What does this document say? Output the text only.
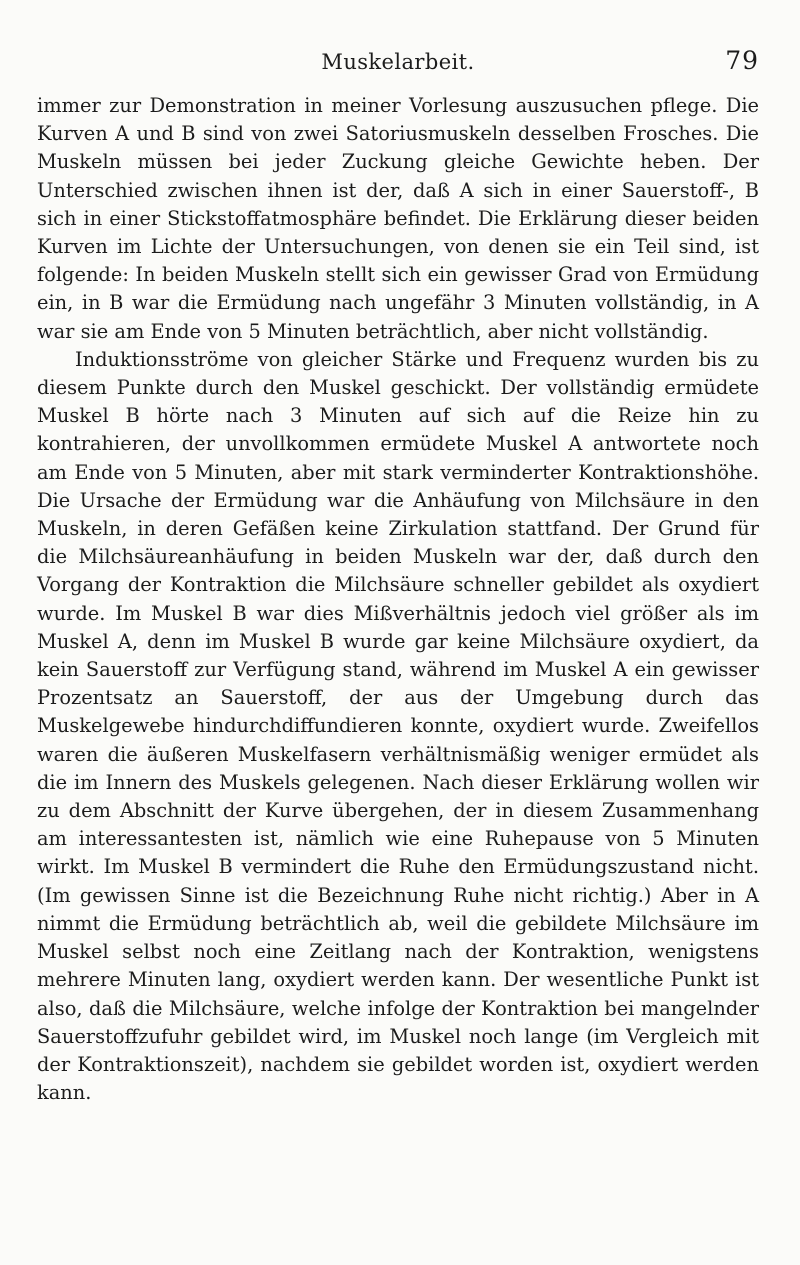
Muskelarbeit.	79

immer zur Demonstration in meiner Vorlesung auszusuchen pflege. Die Kurven A und B sind von zwei Satoriusmuskeln desselben Frosches. Die Muskeln müssen bei jeder Zuckung gleiche Gewichte heben. Der Unterschied zwischen ihnen ist der, daß A sich in einer Sauerstoff-, B sich in einer Stickstoffatmosphäre befindet. Die Erklärung dieser beiden Kurven im Lichte der Untersuchungen, von denen sie ein Teil sind, ist folgende: In beiden Muskeln stellt sich ein gewisser Grad von Ermüdung ein, in B war die Ermüdung nach ungefähr 3 Minuten vollständig, in A war sie am Ende von 5 Minuten beträchtlich, aber nicht vollständig.

Induktionsströme von gleicher Stärke und Frequenz wurden bis zu diesem Punkte durch den Muskel geschickt. Der vollständig ermüdete Muskel B hörte nach 3 Minuten auf sich auf die Reize hin zu kontrahieren, der unvollkommen ermüdete Muskel A antwortete noch am Ende von 5 Minuten, aber mit stark verminderter Kontraktionshöhe. Die Ursache der Ermüdung war die Anhäufung von Milchsäure in den Muskeln, in deren Gefäßen keine Zirkulation stattfand. Der Grund für die Milchsäureanhäufung in beiden Muskeln war der, daß durch den Vorgang der Kontraktion die Milchsäure schneller gebildet als oxydiert wurde. Im Muskel B war dies Mißverhältnis jedoch viel größer als im Muskel A, denn im Muskel B wurde gar keine Milchsäure oxydiert, da kein Sauerstoff zur Verfügung stand, während im Muskel A ein gewisser Prozentsatz an Sauerstoff, der aus der Umgebung durch das Muskelgewebe hindurchdiffundieren konnte, oxydiert wurde. Zweifellos waren die äußeren Muskelfasern verhältnismäßig weniger ermüdet als die im Innern des Muskels gelegenen. Nach dieser Erklärung wollen wir zu dem Abschnitt der Kurve übergehen, der in diesem Zusammenhang am interessantesten ist, nämlich wie eine Ruhepause von 5 Minuten wirkt. Im Muskel B vermindert die Ruhe den Ermüdungszustand nicht. (Im gewissen Sinne ist die Bezeichnung Ruhe nicht richtig.) Aber in A nimmt die Ermüdung beträchtlich ab, weil die gebildete Milchsäure im Muskel selbst noch eine Zeitlang nach der Kontraktion, wenigstens mehrere Minuten lang, oxydiert werden kann. Der wesentliche Punkt ist also, daß die Milchsäure, welche infolge der Kontraktion bei mangelnder Sauerstoffzufuhr gebildet wird, im Muskel noch lange (im Vergleich mit der Kontraktionszeit), nachdem sie gebildet worden ist, oxydiert werden kann.
